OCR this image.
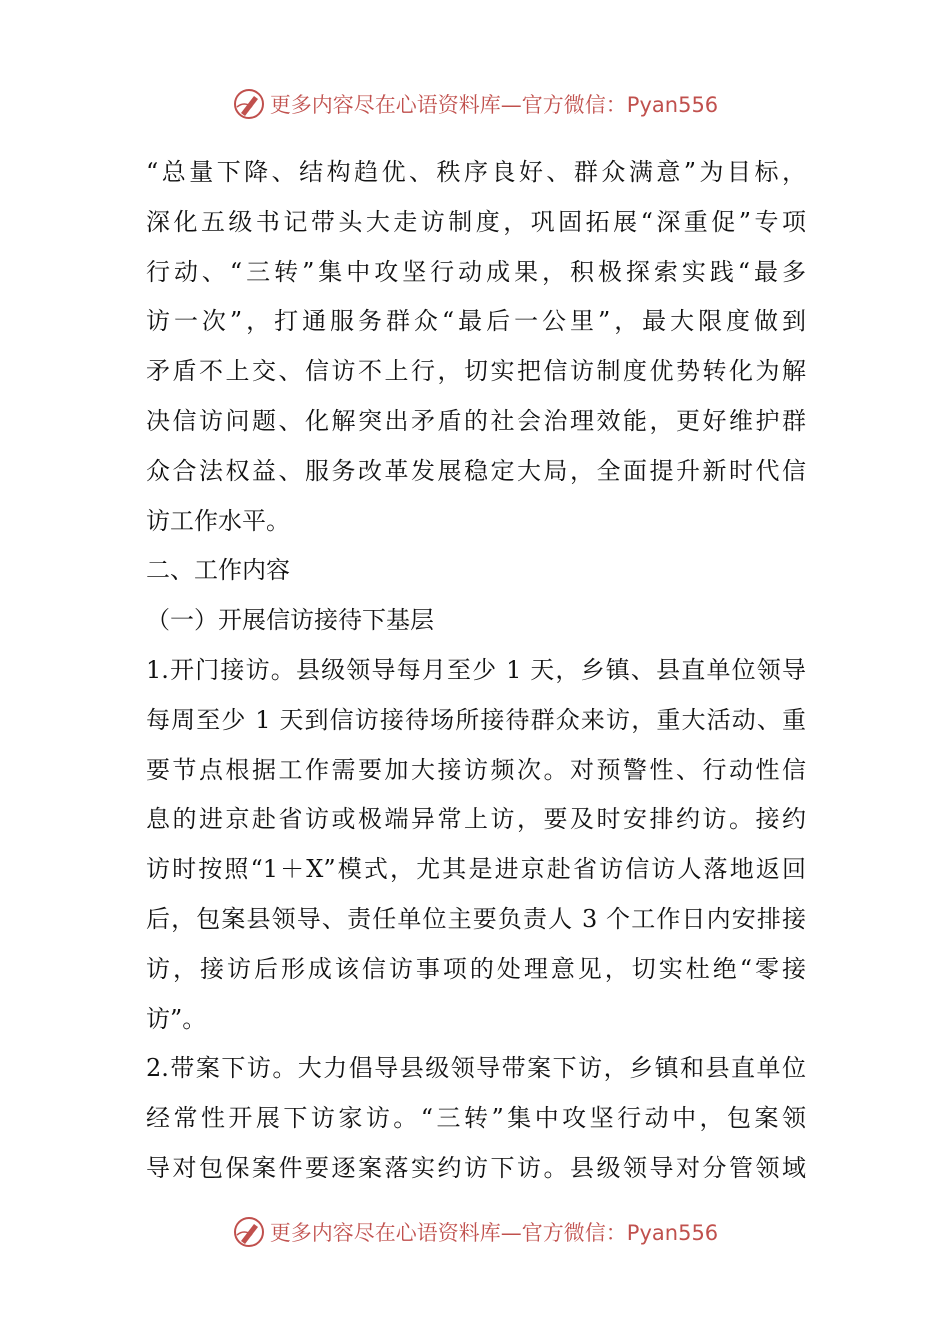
更多内容尽在心语资料库—官方微信：Pyan556
“总量下降、结构趋优、秩序良好、群众满意”为目标，
深化五级书记带头大走访制度，巩固拓展“深重促”专项
行动、“三转”集中攻坚行动成果，积极探索实践“最多
访一次”，打通服务群众“最后一公里”，最大限度做到
矛盾不上交、信访不上行，切实把信访制度优势转化为解
决信访问题、化解突出矛盾的社会治理效能，更好维护群
众合法权益、服务改革发展稳定大局，全面提升新时代信
访工作水平。
二、工作内容
（一）开展信访接待下基层
1.开门接访。县级领导每月至少 1 天，乡镇、县直单位领导
每周至少 1 天到信访接待场所接待群众来访，重大活动、重
要节点根据工作需要加大接访频次。对预警性、行动性信
息的进京赴省访或极端异常上访，要及时安排约访。接约
访时按照“1＋X”模式，尤其是进京赴省访信访人落地返回
后，包案县领导、责任单位主要负责人 3 个工作日内安排接
访，接访后形成该信访事项的处理意见，切实杜绝“零接
访”。
2.带案下访。大力倡导县级领导带案下访，乡镇和县直单位
经常性开展下访家访。“三转”集中攻坚行动中，包案领
导对包保案件要逐案落实约访下访。县级领导对分管领域
更多内容尽在心语资料库—官方微信：Pyan556
